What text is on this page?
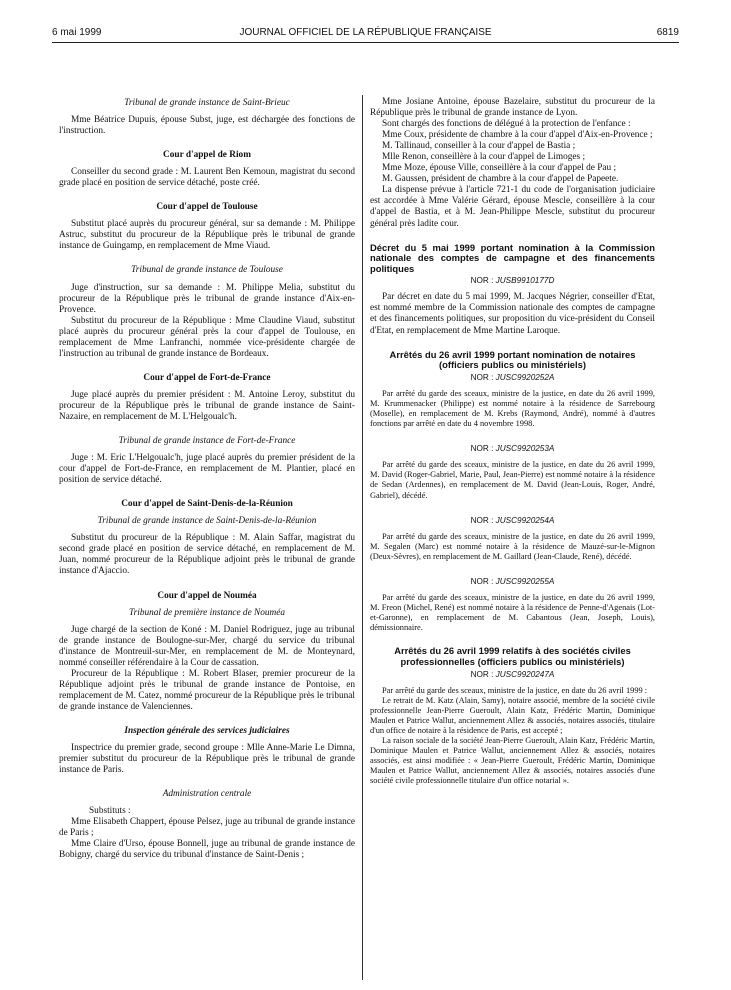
6 mai 1999	JOURNAL OFFICIEL DE LA RÉPUBLIQUE FRANÇAISE	6819

Tribunal de grande instance de Saint-Brieuc

Mme Béatrice Dupuis, épouse Subst, juge, est déchargée des fonctions de l'instruction.

Cour d'appel de Riom

Conseiller du second grade : M. Laurent Ben Kemoun, magistrat du second grade placé en position de service détaché, poste créé.

Cour d'appel de Toulouse

Substitut placé auprès du procureur général, sur sa demande : M. Philippe Astruc, substitut du procureur de la République près le tribunal de grande instance de Guingamp, en remplacement de Mme Viaud.

Tribunal de grande instance de Toulouse

Juge d'instruction, sur sa demande : M. Philippe Melia, substitut du procureur de la République près le tribunal de grande instance d'Aix-en-Provence.

Substitut du procureur de la République : Mme Claudine Viaud, substitut placé auprès du procureur général près la cour d'appel de Toulouse, en remplacement de Mme Lanfranchi, nommée vice-présidente chargée de l'instruction au tribunal de grande instance de Bordeaux.

Cour d'appel de Fort-de-France

Juge placé auprès du premier président : M. Antoine Leroy, substitut du procureur de la République près le tribunal de grande instance de Saint-Nazaire, en remplacement de M. L'Helgoualc'h.

Tribunal de grande instance de Fort-de-France

Juge : M. Eric L'Helgoualc'h, juge placé auprès du premier président de la cour d'appel de Fort-de-France, en remplacement de M. Plantier, placé en position de service détaché.

Cour d'appel de Saint-Denis-de-la-Réunion

Tribunal de grande instance de Saint-Denis-de-la-Réunion

Substitut du procureur de la République : M. Alain Saffar, magistrat du second grade placé en position de service détaché, en remplacement de M. Juan, nommé procureur de la République adjoint près le tribunal de grande instance d'Ajaccio.

Cour d'appel de Nouméa

Tribunal de première instance de Nouméa

Juge chargé de la section de Koné : M. Daniel Rodriguez, juge au tribunal de grande instance de Boulogne-sur-Mer, chargé du service du tribunal d'instance de Montreuil-sur-Mer, en remplacement de M. de Monteynard, nommé conseiller référendaire à la Cour de cassation.

Procureur de la République : M. Robert Blaser, premier procureur de la République adjoint près le tribunal de grande instance de Pontoise, en remplacement de M. Catez, nommé procureur de la République près le tribunal de grande instance de Valenciennes.

Inspection générale des services judiciaires

Inspectrice du premier grade, second groupe : Mlle Anne-Marie Le Dimna, premier substitut du procureur de la République près le tribunal de grande instance de Paris.

Administration centrale

Substituts :

Mme Elisabeth Chappert, épouse Pelsez, juge au tribunal de grande instance de Paris ;

Mme Claire d'Urso, épouse Bonnell, juge au tribunal de grande instance de Bobigny, chargé du service du tribunal d'instance de Saint-Denis ;

Mme Josiane Antoine, épouse Bazelaire, substitut du procureur de la République près le tribunal de grande instance de Lyon.

Sont chargés des fonctions de délégué à la protection de l'enfance :

Mme Coux, présidente de chambre à la cour d'appel d'Aix-en-Provence ;

M. Tallinaud, conseiller à la cour d'appel de Bastia ;

Mlle Renon, conseillère à la cour d'appel de Limoges ;

Mme Moze, épouse Ville, conseillère à la cour d'appel de Pau ;

M. Gaussen, président de chambre à la cour d'appel de Papeete.

La dispense prévue à l'article 721-1 du code de l'organisation judiciaire est accordée à Mme Valérie Gérard, épouse Mescle, conseillère à la cour d'appel de Bastia, et à M. Jean-Philippe Mescle, substitut du procureur général près ladite cour.

Décret du 5 mai 1999 portant nomination à la Commission nationale des comptes de campagne et des financements politiques

NOR : JUSB9910177D

Par décret en date du 5 mai 1999, M. Jacques Négrier, conseiller d'Etat, est nommé membre de la Commission nationale des comptes de campagne et des financements politiques, sur proposition du vice-président du Conseil d'Etat, en remplacement de Mme Martine Laroque.

Arrêtés du 26 avril 1999 portant nomination de notaires (officiers publics ou ministériels)

NOR : JUSC9920252A

Par arrêté du garde des sceaux, ministre de la justice, en date du 26 avril 1999, M. Krummenacker (Philippe) est nommé notaire à la résidence de Sarrebourg (Moselle), en remplacement de M. Krebs (Raymond, André), nommé à d'autres fonctions par arrêté en date du 4 novembre 1998.

NOR : JUSC9920253A

Par arrêté du garde des sceaux, ministre de la justice, en date du 26 avril 1999, M. David (Roger-Gabriel, Marie, Paul, Jean-Pierre) est nommé notaire à la résidence de Sedan (Ardennes), en remplacement de M. David (Jean-Louis, Roger, André, Gabriel), décédé.

NOR : JUSC9920254A

Par arrêté du garde des sceaux, ministre de la justice, en date du 26 avril 1999, M. Segalen (Marc) est nommé notaire à la résidence de Mauzé-sur-le-Mignon (Deux-Sèvres), en remplacement de M. Gaillard (Jean-Claude, René), décédé.

NOR : JUSC9920255A

Par arrêté du garde des sceaux, ministre de la justice, en date du 26 avril 1999, M. Freon (Michel, René) est nommé notaire à la résidence de Penne-d'Agenais (Lot-et-Garonne), en remplacement de M. Cabantous (Jean, Joseph, Louis), démissionnaire.

Arrêtés du 26 avril 1999 relatifs à des sociétés civiles professionnelles (officiers publics ou ministériels)

NOR : JUSC9920247A

Par arrêté du garde des sceaux, ministre de la justice, en date du 26 avril 1999 :

Le retrait de M. Katz (Alain, Samy), notaire associé, membre de la société civile professionnelle Jean-Pierre Gueroult, Alain Katz, Frédéric Martin, Dominique Maulen et Patrice Wallut, anciennement Allez & associés, notaires associés, titulaire d'un office de notaire à la résidence de Paris, est accepté ;

La raison sociale de la société Jean-Pierre Gueroult, Alain Katz, Frédéric Martin, Dominique Maulen et Patrice Wallut, anciennement Allez & associés, notaires associés, est ainsi modifiée : « Jean-Pierre Gueroult, Frédéric Martin, Dominique Maulen et Patrice Wallut, anciennement Allez & associés, notaires associés d'une société civile professionnelle titulaire d'un office notarial ».
